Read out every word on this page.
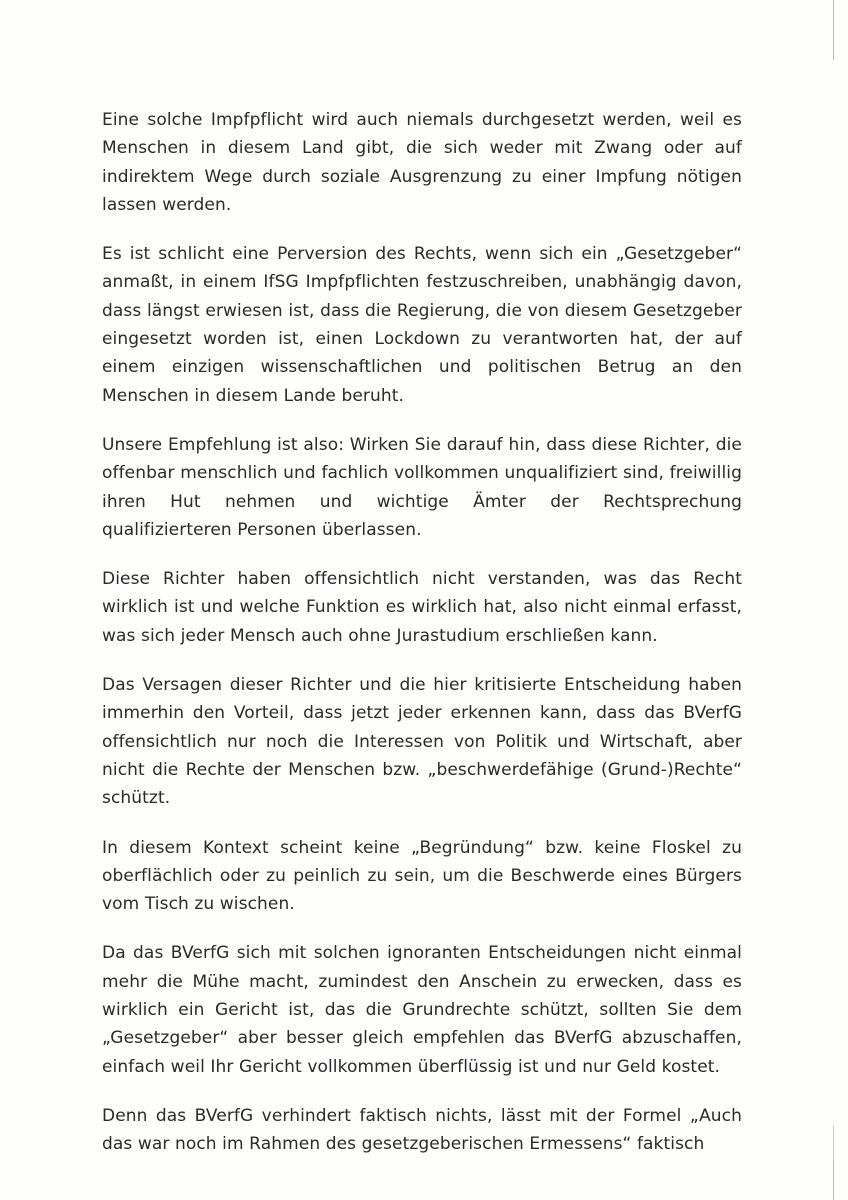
Eine solche Impfpflicht wird auch niemals durchgesetzt werden, weil es Menschen in diesem Land gibt, die sich weder mit Zwang oder auf indirektem Wege durch soziale Ausgrenzung zu einer Impfung nötigen lassen werden.

Es ist schlicht eine Perversion des Rechts, wenn sich ein „Gesetzgeber“ anmaßt, in einem IfSG Impfpflichten festzuschreiben, unabhängig davon, dass längst erwiesen ist, dass die Regierung, die von diesem Gesetzgeber eingesetzt worden ist, einen Lockdown zu verantworten hat, der auf einem einzigen wissenschaftlichen und politischen Betrug an den Menschen in diesem Lande beruht.

Unsere Empfehlung ist also: Wirken Sie darauf hin, dass diese Richter, die offenbar menschlich und fachlich vollkommen unqualifiziert sind, freiwillig ihren Hut nehmen und wichtige Ämter der Rechtsprechung qualifizierteren Personen überlassen.

Diese Richter haben offensichtlich nicht verstanden, was das Recht wirklich ist und welche Funktion es wirklich hat, also nicht einmal erfasst, was sich jeder Mensch auch ohne Jurastudium erschließen kann.

Das Versagen dieser Richter und die hier kritisierte Entscheidung haben immerhin den Vorteil, dass jetzt jeder erkennen kann, dass das BVerfG offensichtlich nur noch die Interessen von Politik und Wirtschaft, aber nicht die Rechte der Menschen bzw. „beschwerdefähige (Grund-)Rechte“ schützt.

In diesem Kontext scheint keine „Begründung“ bzw. keine Floskel zu oberflächlich oder zu peinlich zu sein, um die Beschwerde eines Bürgers vom Tisch zu wischen.

Da das BVerfG sich mit solchen ignoranten Entscheidungen nicht einmal mehr die Mühe macht, zumindest den Anschein zu erwecken, dass es wirklich ein Gericht ist, das die Grundrechte schützt, sollten Sie dem „Gesetzgeber“ aber besser gleich empfehlen das BVerfG abzuschaffen, einfach weil Ihr Gericht vollkommen überflüssig ist und nur Geld kostet.

Denn das BVerfG verhindert faktisch nichts, lässt mit der Formel „Auch das war noch im Rahmen des gesetzgeberischen Ermessens“ faktisch
